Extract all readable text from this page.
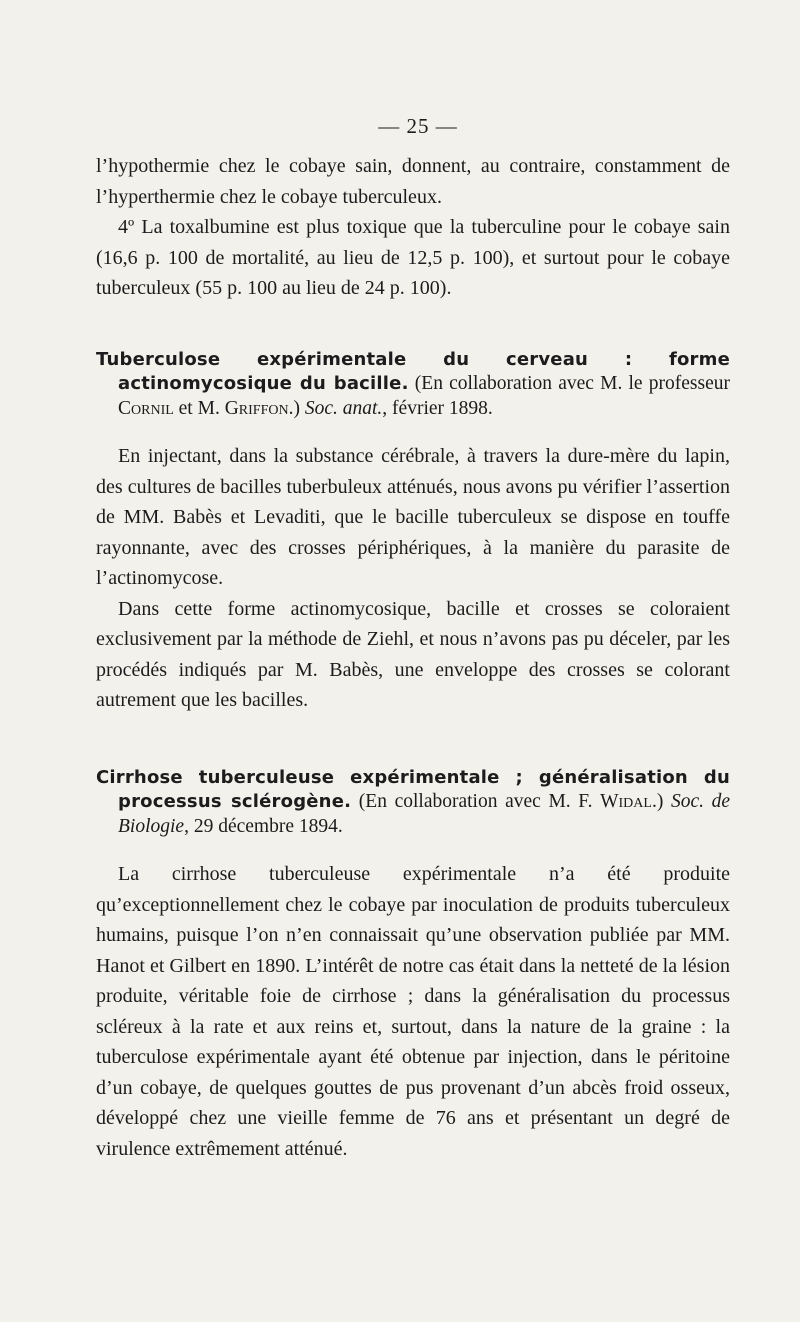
— 25 —

l’hypothermie chez le cobaye sain, donnent, au contraire, constamment de l’hyperthermie chez le cobaye tuberculeux.

4º La toxalbumine est plus toxique que la tuberculine pour le cobaye sain (16,6 p. 100 de mortalité, au lieu de 12,5 p. 100), et surtout pour le cobaye tuberculeux (55 p. 100 au lieu de 24 p. 100).

Tuberculose expérimentale du cerveau : forme actinomycosique du bacille. (En collaboration avec M. le professeur Cornil et M. Griffon.) Soc. anat., février 1898.

En injectant, dans la substance cérébrale, à travers la dure-mère du lapin, des cultures de bacilles tuberbuleux atténués, nous avons pu vérifier l’assertion de MM. Babès et Levaditi, que le bacille tuberculeux se dispose en touffe rayonnante, avec des crosses périphériques, à la manière du parasite de l’actinomycose.

Dans cette forme actinomycosique, bacille et crosses se coloraient exclusivement par la méthode de Ziehl, et nous n’avons pas pu déceler, par les procédés indiqués par M. Babès, une enveloppe des crosses se colorant autrement que les bacilles.

Cirrhose tuberculeuse expérimentale ; généralisation du processus sclérogène. (En collaboration avec M. F. Widal.) Soc. de Biologie, 29 décembre 1894.

La cirrhose tuberculeuse expérimentale n’a été produite qu’exceptionnellement chez le cobaye par inoculation de produits tuberculeux humains, puisque l’on n’en connaissait qu’une observation publiée par MM. Hanot et Gilbert en 1890. L’intérêt de notre cas était dans la netteté de la lésion produite, véritable foie de cirrhose ; dans la généralisation du processus scléreux à la rate et aux reins et, surtout, dans la nature de la graine : la tuberculose expérimentale ayant été obtenue par injection, dans le péritoine d’un cobaye, de quelques gouttes de pus provenant d’un abcès froid osseux, développé chez une vieille femme de 76 ans et présentant un degré de virulence extrêmement atténué.
